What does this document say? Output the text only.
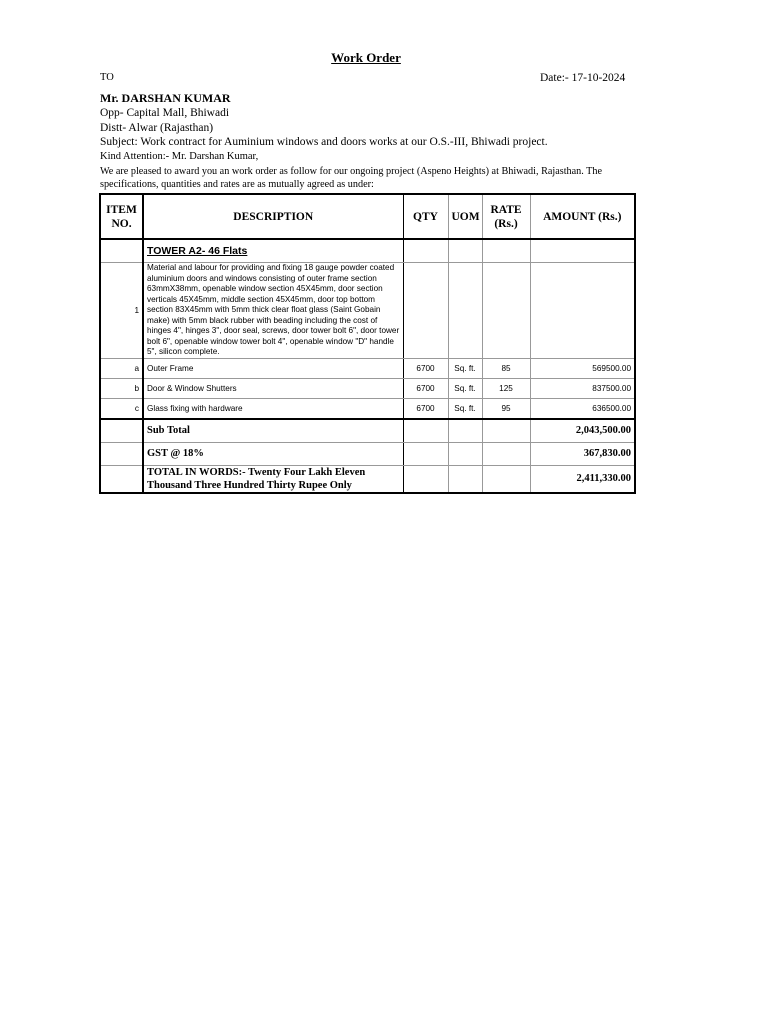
Work Order
TO	Date:- 17-10-2024
Mr. DARSHAN KUMAR
Opp- Capital Mall, Bhiwadi
Distt- Alwar (Rajasthan)
Subject: Work contract for Auminium windows and doors works at our O.S.-III, Bhiwadi project.
Kind Attention:- Mr. Darshan Kumar,
We are pleased to award you an work order as follow for our ongoing project (Aspeno Heights) at Bhiwadi, Rajasthan. The specifications, quantities and rates are as mutually agreed as under:
ITEM NO.	DESCRIPTION	QTY	UOM	RATE (Rs.)	AMOUNT (Rs.)
	TOWER A2- 46 Flats				
1	Material and labour for providing and fixing 18 gauge powder coated aluminium doors and windows consisting of outer frame section 63mmX38mm, openable window section 45X45mm, door section verticals 45X45mm, middle section 45X45mm, door top bottom section 83X45mm with 5mm thick clear float glass (Saint Gobain make) with 5mm black rubber with beading including the cost of hinges 4", hinges 3", door seal, screws, door tower bolt 6", door tower bolt 6", openable window tower bolt 4", openable window "D" handle 5", silicon complete.				
a	Outer Frame	6700	Sq. ft.	85	569500.00
b	Door & Window Shutters	6700	Sq. ft.	125	837500.00
c	Glass fixing with hardware	6700	Sq. ft.	95	636500.00
	Sub Total				2,043,500.00
	GST @ 18%				367,830.00
	TOTAL IN WORDS:- Twenty Four Lakh Eleven Thousand Three Hundred Thirty Rupee Only				2,411,330.00
